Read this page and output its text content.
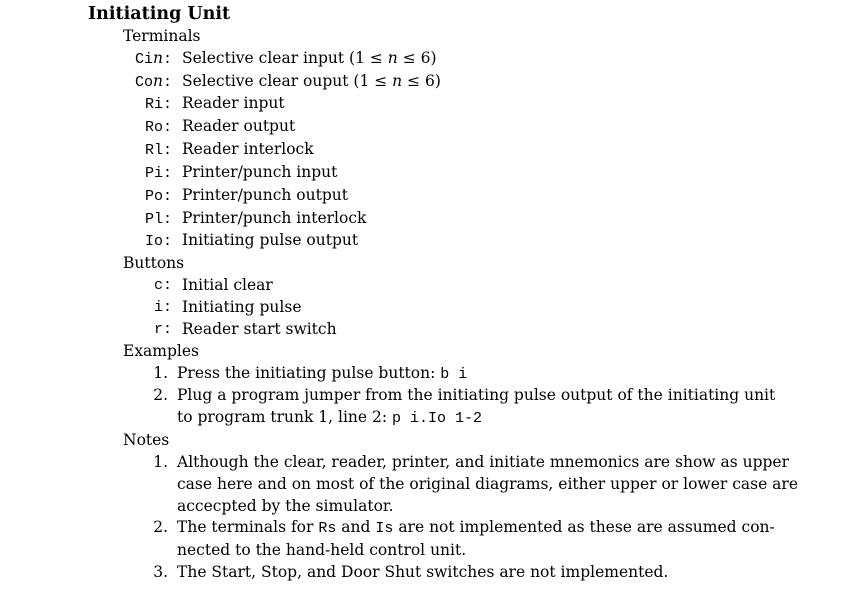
Initiating Unit
Terminals
Cin: Selective clear input (1 ≤ n ≤ 6)
Con: Selective clear ouput (1 ≤ n ≤ 6)
Ri: Reader input
Ro: Reader output
Rl: Reader interlock
Pi: Printer/punch input
Po: Printer/punch output
Pl: Printer/punch interlock
Io: Initiating pulse output
Buttons
c: Initial clear
i: Initiating pulse
r: Reader start switch
Examples
1. Press the initiating pulse button: b i
2. Plug a program jumper from the initiating pulse output of the initiating unit
to program trunk 1, line 2: p i.Io 1-2
Notes
1. Although the clear, reader, printer, and initiate mnemonics are show as upper
case here and on most of the original diagrams, either upper or lower case are
accecpted by the simulator.
2. The terminals for Rs and Is are not implemented as these are assumed con-
nected to the hand-held control unit.
3. The Start, Stop, and Door Shut switches are not implemented.
